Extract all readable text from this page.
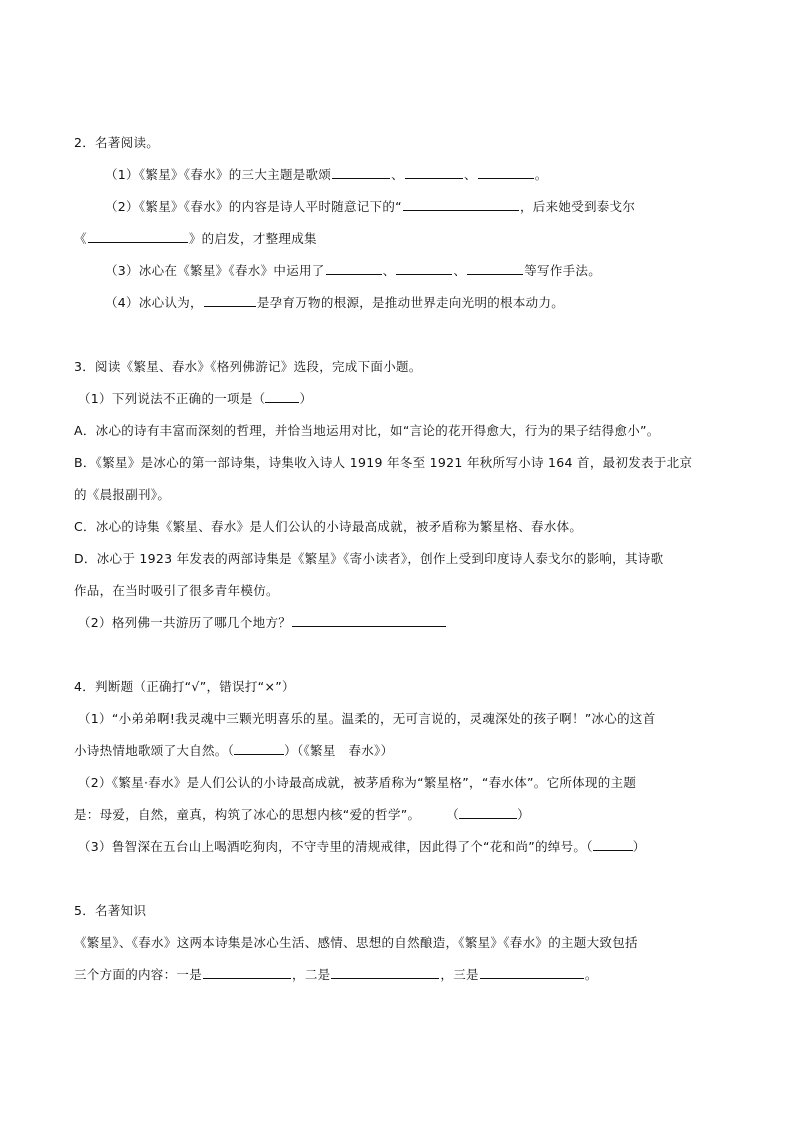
2．名著阅读。
（1）《繁星》《春水》的三大主题是歌颂	、	、	。
（2）《繁星》《春水》的内容是诗人平时随意记下的“	，后来她受到泰戈尔
《	》的启发，才整理成集
（3）冰心在《繁星》《春水》中运用了	、	、	等写作手法。
（4）冰心认为，	是孕育万物的根源，是推动世界走向光明的根本动力。
3．阅读《繁星、春水》《格列佛游记》选段，完成下面小题。
（1）下列说法不正确的一项是（	）
A．冰心的诗有丰富而深刻的哲理，并恰当地运用对比，如“言论的花开得愈大，行为的果子结得愈小”。
B．《繁星》是冰心的第一部诗集，诗集收入诗人 1919 年冬至 1921 年秋所写小诗 164 首，最初发表于北京
的《晨报副刊》。
C．冰心的诗集《繁星、春水》是人们公认的小诗最高成就，被矛盾称为繁星格、春水体。
D．冰心于 1923 年发表的两部诗集是《繁星》《寄小读者》，创作上受到印度诗人泰戈尔的影响，其诗歌
作品，在当时吸引了很多青年模仿。
（2）格列佛一共游历了哪几个地方？
4．判断题（正确打“√”，错误打“×”）
（1）“小弟弟啊!我灵魂中三颗光明喜乐的星。温柔的，无可言说的，灵魂深处的孩子啊！”冰心的这首
小诗热情地歌颂了大自然。（	）（《繁星　春水》）
（2）《繁星·春水》是人们公认的小诗最高成就，被茅盾称为“繁星格”，“春水体”。它所体现的主题
是：母爱，自然，童真，构筑了冰心的思想内核“爱的哲学”。　　　（	）
（3）鲁智深在五台山上喝酒吃狗肉，不守寺里的清规戒律，因此得了个“花和尚”的绰号。（	）
5．名著知识
《繁星》、《春水》这两本诗集是冰心生活、感情、思想的自然酿造，《繁星》《春水》的主题大致包括
三个方面的内容：一是	，二是	，三是	。
